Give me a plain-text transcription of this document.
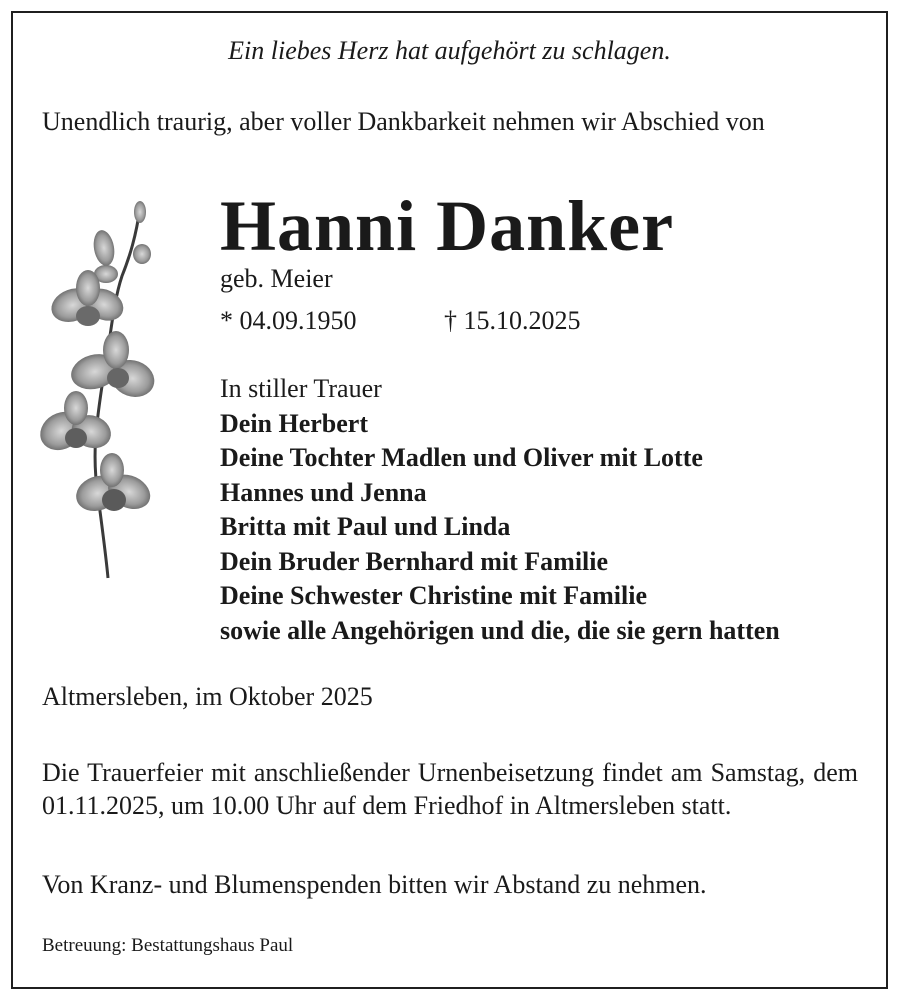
Ein liebes Herz hat aufgehört zu schlagen.
Unendlich traurig, aber voller Dankbarkeit nehmen wir Abschied von
Hanni Danker
geb. Meier
* 04.09.1950	† 15.10.2025
In stiller Trauer
Dein Herbert
Deine Tochter Madlen und Oliver mit Lotte
Hannes und Jenna
Britta mit Paul und Linda
Dein Bruder Bernhard mit Familie
Deine Schwester Christine mit Familie
sowie alle Angehörigen und die, die sie gern hatten
Altmersleben, im Oktober 2025
Die Trauerfeier mit anschließender Urnenbeisetzung findet am Samstag, dem 01.11.2025, um 10.00 Uhr auf dem Friedhof in Altmersleben statt.
Von Kranz- und Blumenspenden bitten wir Abstand zu nehmen.
Betreuung: Bestattungshaus Paul
